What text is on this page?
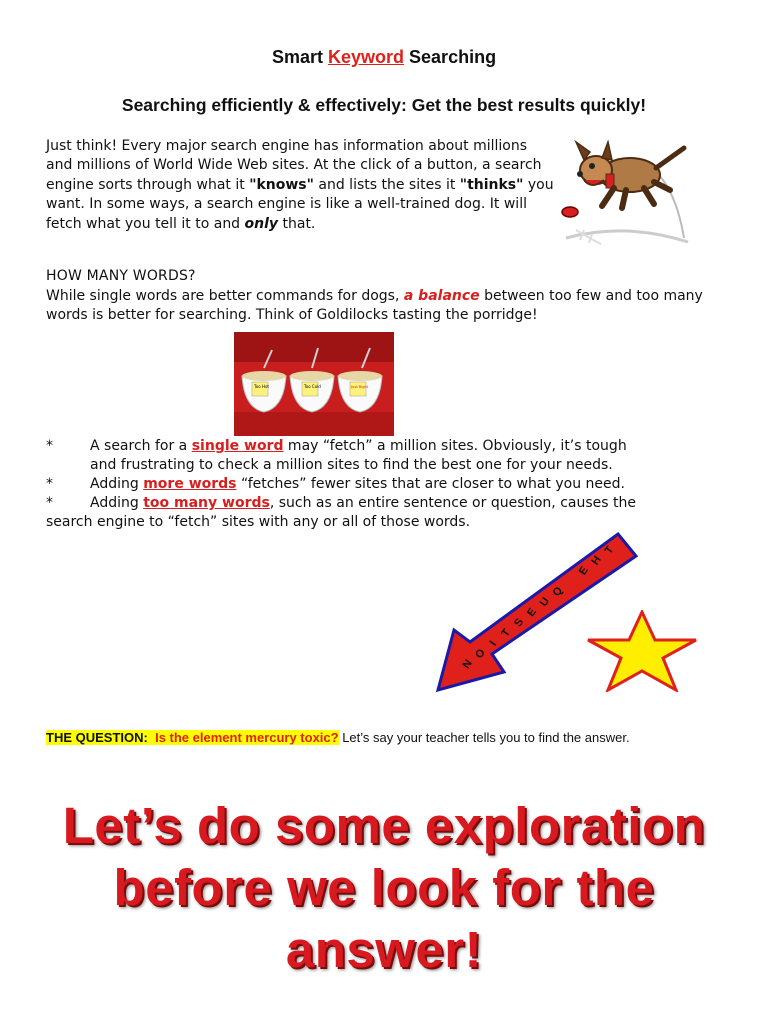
Smart Keyword Searching
Searching efficiently & effectively: Get the best results quickly!
Just think! Every major search engine has information about millions and millions of World Wide Web sites. At the click of a button, a search engine sorts through what it "knows" and lists the sites it "thinks" you want. In some ways, a search engine is like a well-trained dog. It will fetch what you tell it to and only that.
HOW MANY WORDS?
While single words are better commands for dogs, a balance between too few and too many words is better for searching. Think of Goldilocks tasting the porridge!
Too Hot	Too Cold	Just Right
*	A search for a single word may “fetch” a million sites. Obviously, it’s tough
and frustrating to check a million sites to find the best one for your needs.
*	Adding more words “fetches” fewer sites that are closer to what you need.
*	Adding too many words, such as an entire sentence or question, causes the
search engine to “fetch” sites with any or all of those words.
T
H
E
Q
U
E
S
T
I
O
N
THE QUESTION: Is the element mercury toxic? Let’s say your teacher tells you to find the answer.
Let’s do some exploration
before we look for the
answer!
